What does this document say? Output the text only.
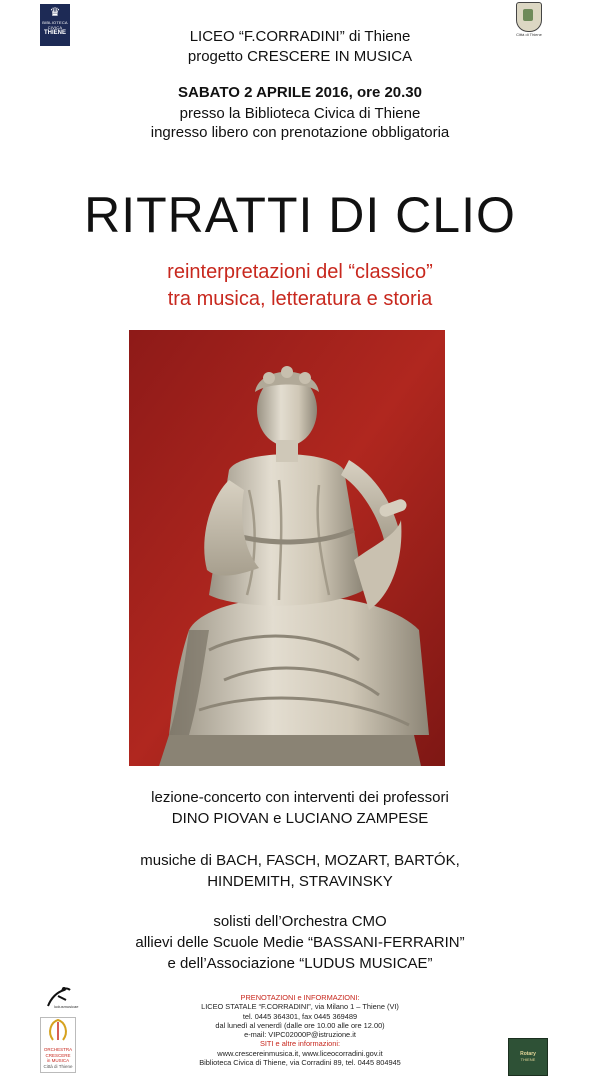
♛
BIBLIOTECA
CIVICA
THIENE	Città di Thiene
LICEO “F.CORRADINI” di Thiene
progetto CRESCERE IN MUSICA
SABATO 2 APRILE 2016, ore 20.30
presso la Biblioteca Civica di Thiene
ingresso libero con prenotazione obbligatoria
RITRATTI DI CLIO
reinterpretazioni del “classico”
tra musica, letteratura e storia
lezione-concerto con interventi dei professori
DINO PIOVAN e LUCIANO ZAMPESE
musiche di BACH, FASCH, MOZART, BARTÓK,
HINDEMITH, STRAVINSKY
solisti dell’Orchestra CMO
allievi delle Scuole Medie “BASSANI-FERRARIN”
e dell’Associazione “LUDUS MUSICAE”
ludusmusicae
ORCHESTRA
CRESCERE
in MUSICA
Città di Thiene
PRENOTAZIONI e INFORMAZIONI:
LICEO STATALE “F.CORRADINI”, via Milano 1 – Thiene (VI)
tel. 0445 364301, fax 0445 369489
dal lunedì al venerdì (dalle ore 10.00 alle ore 12.00)
e-mail: VIPC02000P@istruzione.it
SITI e altre informazioni:
www.crescereinmusica.it, www.liceocorradini.gov.it
Biblioteca Civica di Thiene, via Corradini 89, tel. 0445 804945
Rotary
THIENE
